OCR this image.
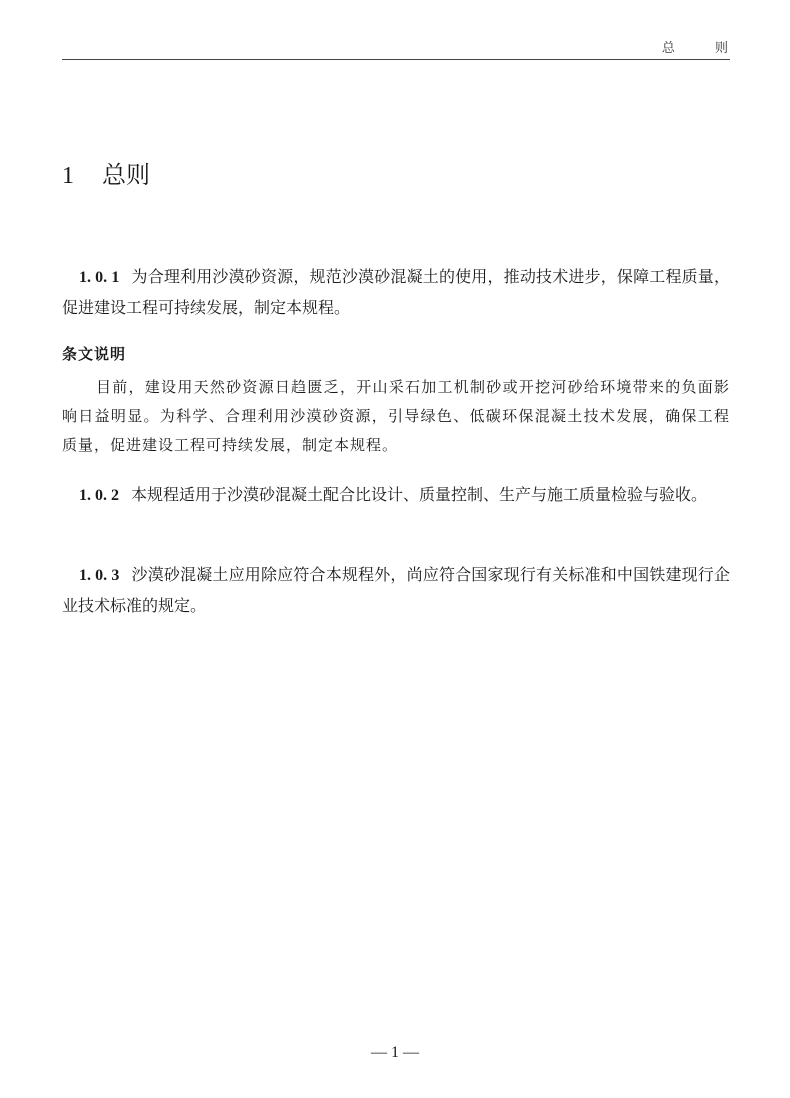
总 则
1 总则

1. 0. 1 为合理利用沙漠砂资源，规范沙漠砂混凝土的使用，推动技术进步，保障工程质量，促进建设工程可持续发展，制定本规程。

条文说明

目前，建设用天然砂资源日趋匮乏，开山采石加工机制砂或开挖河砂给环境带来的负面影响日益明显。为科学、合理利用沙漠砂资源，引导绿色、低碳环保混凝土技术发展，确保工程质量，促进建设工程可持续发展，制定本规程。

1. 0. 2 本规程适用于沙漠砂混凝土配合比设计、质量控制、生产与施工质量检验与验收。

1. 0. 3 沙漠砂混凝土应用除应符合本规程外，尚应符合国家现行有关标准和中国铁建现行企业技术标准的规定。

— 1 —
